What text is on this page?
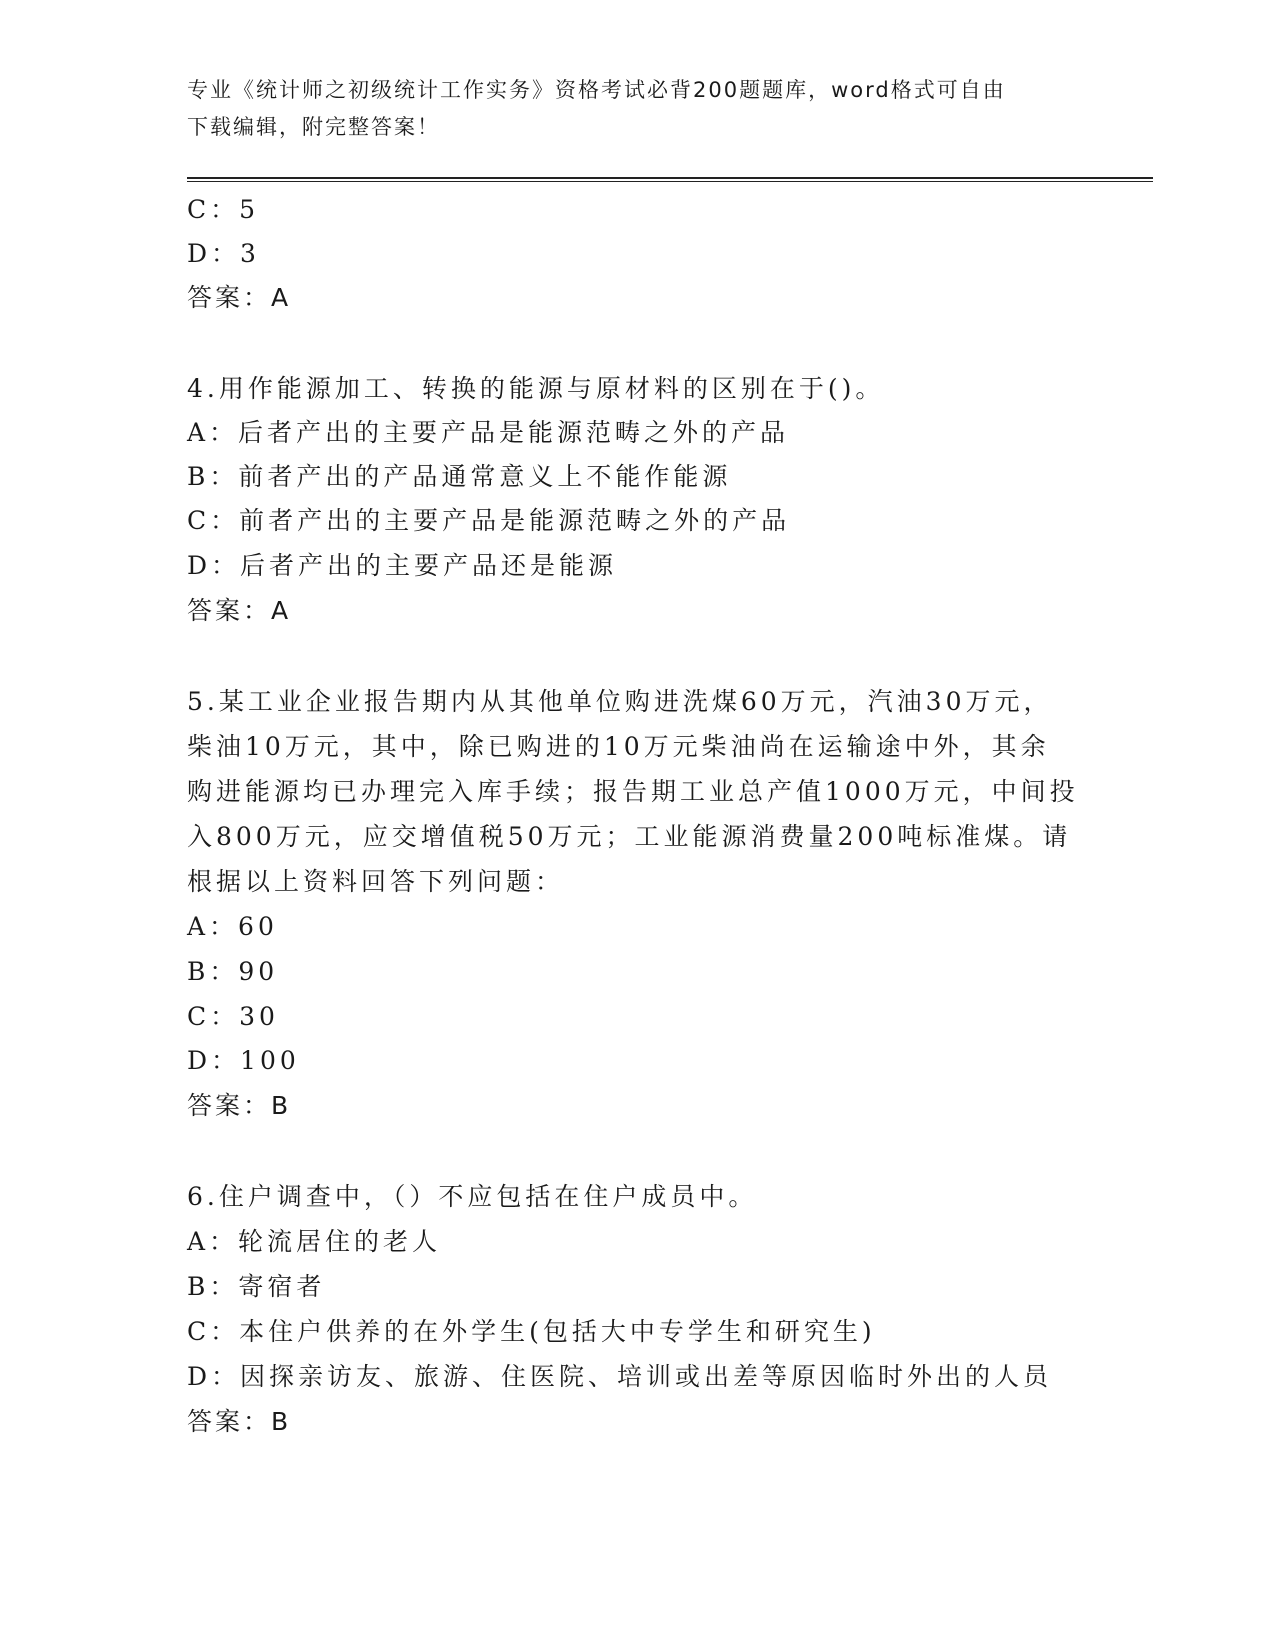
专业《统计师之初级统计工作实务》资格考试必背200题题库，word格式可自由
下载编辑，附完整答案！
C：5
D：3
答案：A
4.用作能源加工、转换的能源与原材料的区别在于()。
A：后者产出的主要产品是能源范畴之外的产品
B：前者产出的产品通常意义上不能作能源
C：前者产出的主要产品是能源范畴之外的产品
D：后者产出的主要产品还是能源
答案：A
5.某工业企业报告期内从其他单位购进洗煤60万元，汽油30万元，
柴油10万元，其中，除已购进的10万元柴油尚在运输途中外，其余
购进能源均已办理完入库手续；报告期工业总产值1000万元，中间投
入800万元，应交增值税50万元；工业能源消费量200吨标准煤。请
根据以上资料回答下列问题：
A：60
B：90
C：30
D：100
答案：B
6.住户调查中，（）不应包括在住户成员中。
A：轮流居住的老人
B：寄宿者
C：本住户供养的在外学生(包括大中专学生和研究生)
D：因探亲访友、旅游、住医院、培训或出差等原因临时外出的人员
答案：B
